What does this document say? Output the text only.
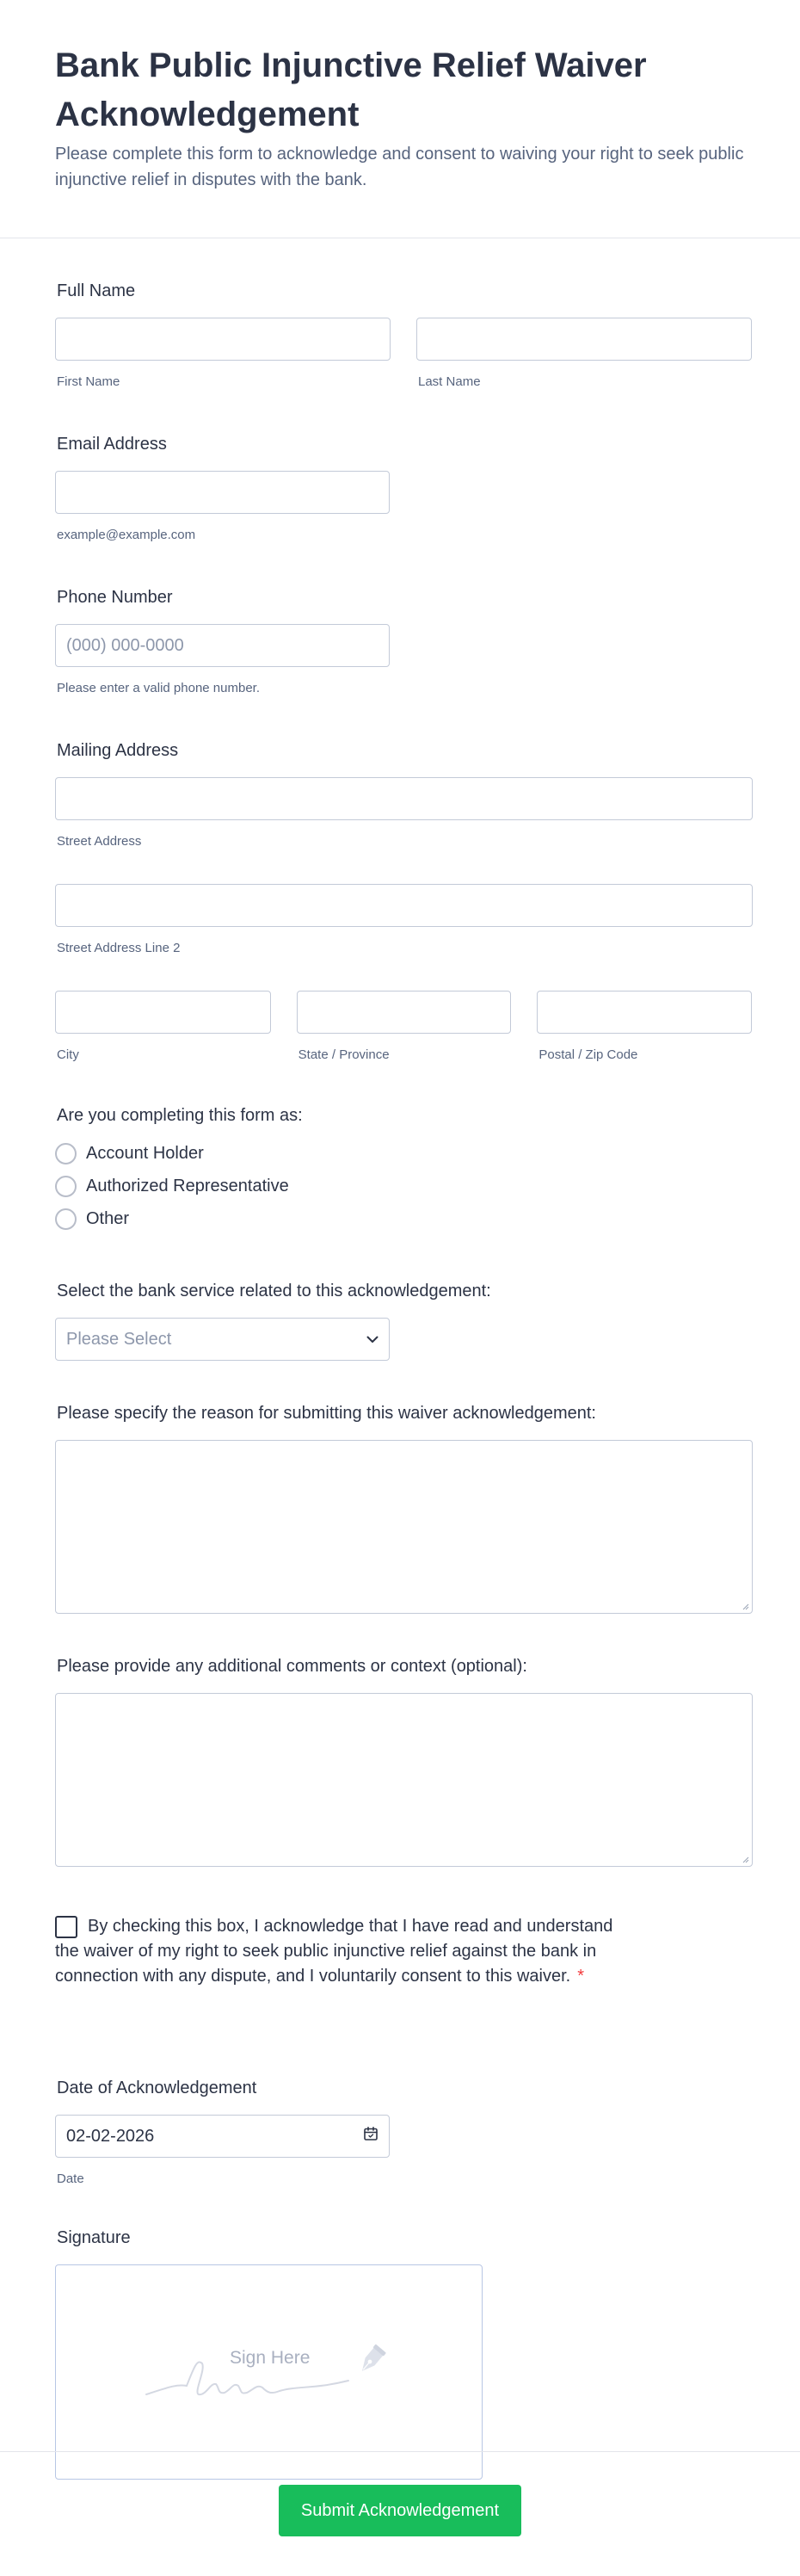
Bank Public Injunctive Relief Waiver Acknowledgement

Please complete this form to acknowledge and consent to waiving your right to seek public injunctive relief in disputes with the bank.

Full Name
First Name	Last Name
Email Address
example@example.com
Phone Number
(000) 000-0000
Please enter a valid phone number.
Mailing Address
Street Address
Street Address Line 2
City	State / Province	Postal / Zip Code
Are you completing this form as:
Account Holder
Authorized Representative
Other
Select the bank service related to this acknowledgement:
Please Select
Please specify the reason for submitting this waiver acknowledgement:
Please provide any additional comments or context (optional):
By checking this box, I acknowledge that I have read and understand
the waiver of my right to seek public injunctive relief against the bank in
connection with any dispute, and I voluntarily consent to this waiver. *
Date of Acknowledgement
02-02-2026
Date
Signature
Sign Here
Submit Acknowledgement
